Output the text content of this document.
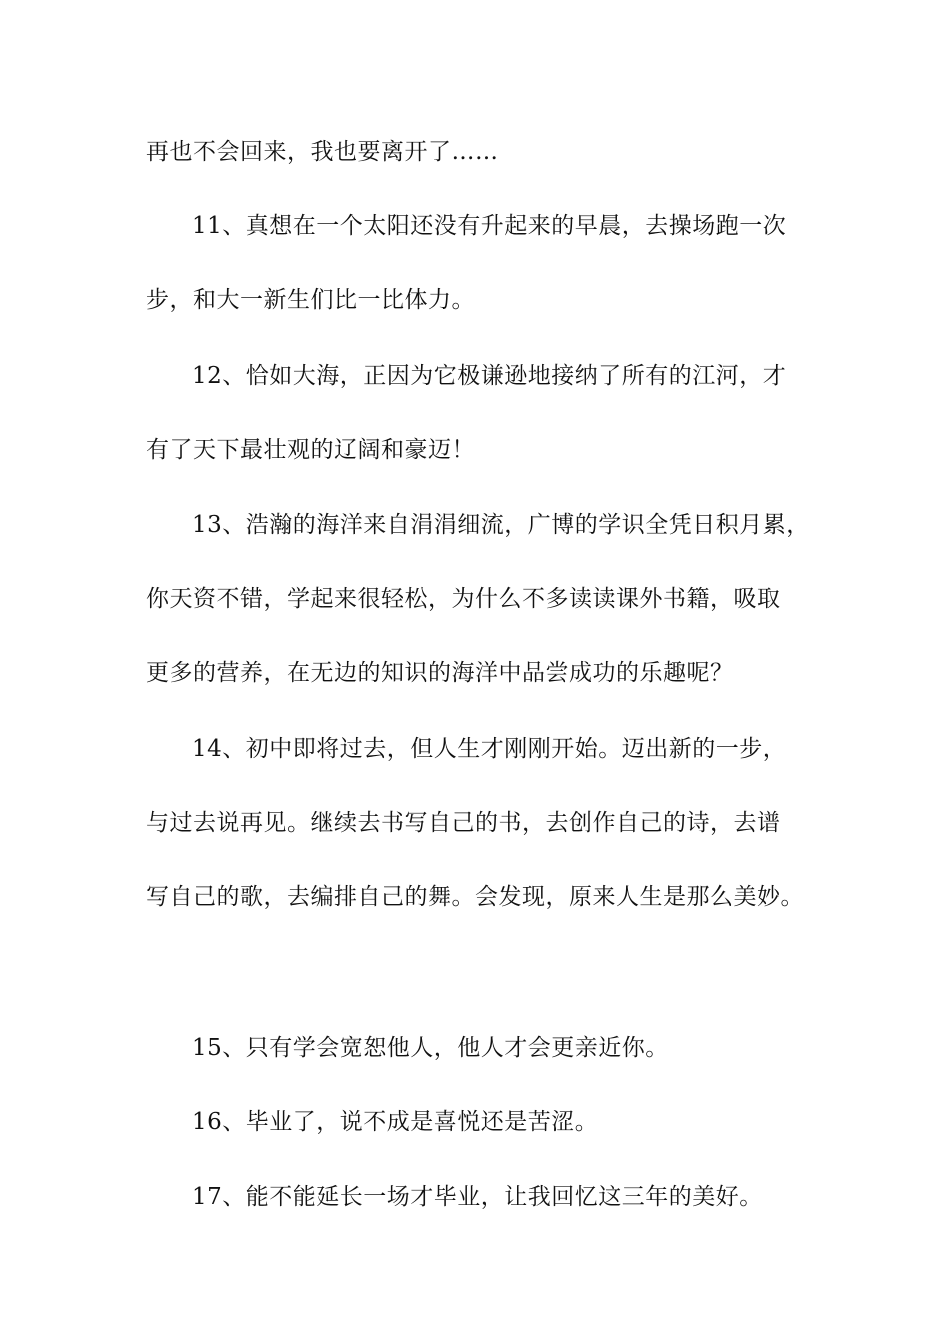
再也不会回来，我也要离开了……
11、真想在一个太阳还没有升起来的早晨，去操场跑一次
步，和大一新生们比一比体力。
12、恰如大海，正因为它极谦逊地接纳了所有的江河，才
有了天下最壮观的辽阔和豪迈！
13、浩瀚的海洋来自涓涓细流，广博的学识全凭日积月累，
你天资不错，学起来很轻松，为什么不多读读课外书籍，吸取
更多的营养，在无边的知识的海洋中品尝成功的乐趣呢？
14、初中即将过去，但人生才刚刚开始。迈出新的一步，
与过去说再见。继续去书写自己的书，去创作自己的诗，去谱
写自己的歌，去编排自己的舞。会发现，原来人生是那么美妙。
15、只有学会宽恕他人，他人才会更亲近你。
16、毕业了，说不成是喜悦还是苦涩。
17、能不能延长一场才毕业，让我回忆这三年的美好。
